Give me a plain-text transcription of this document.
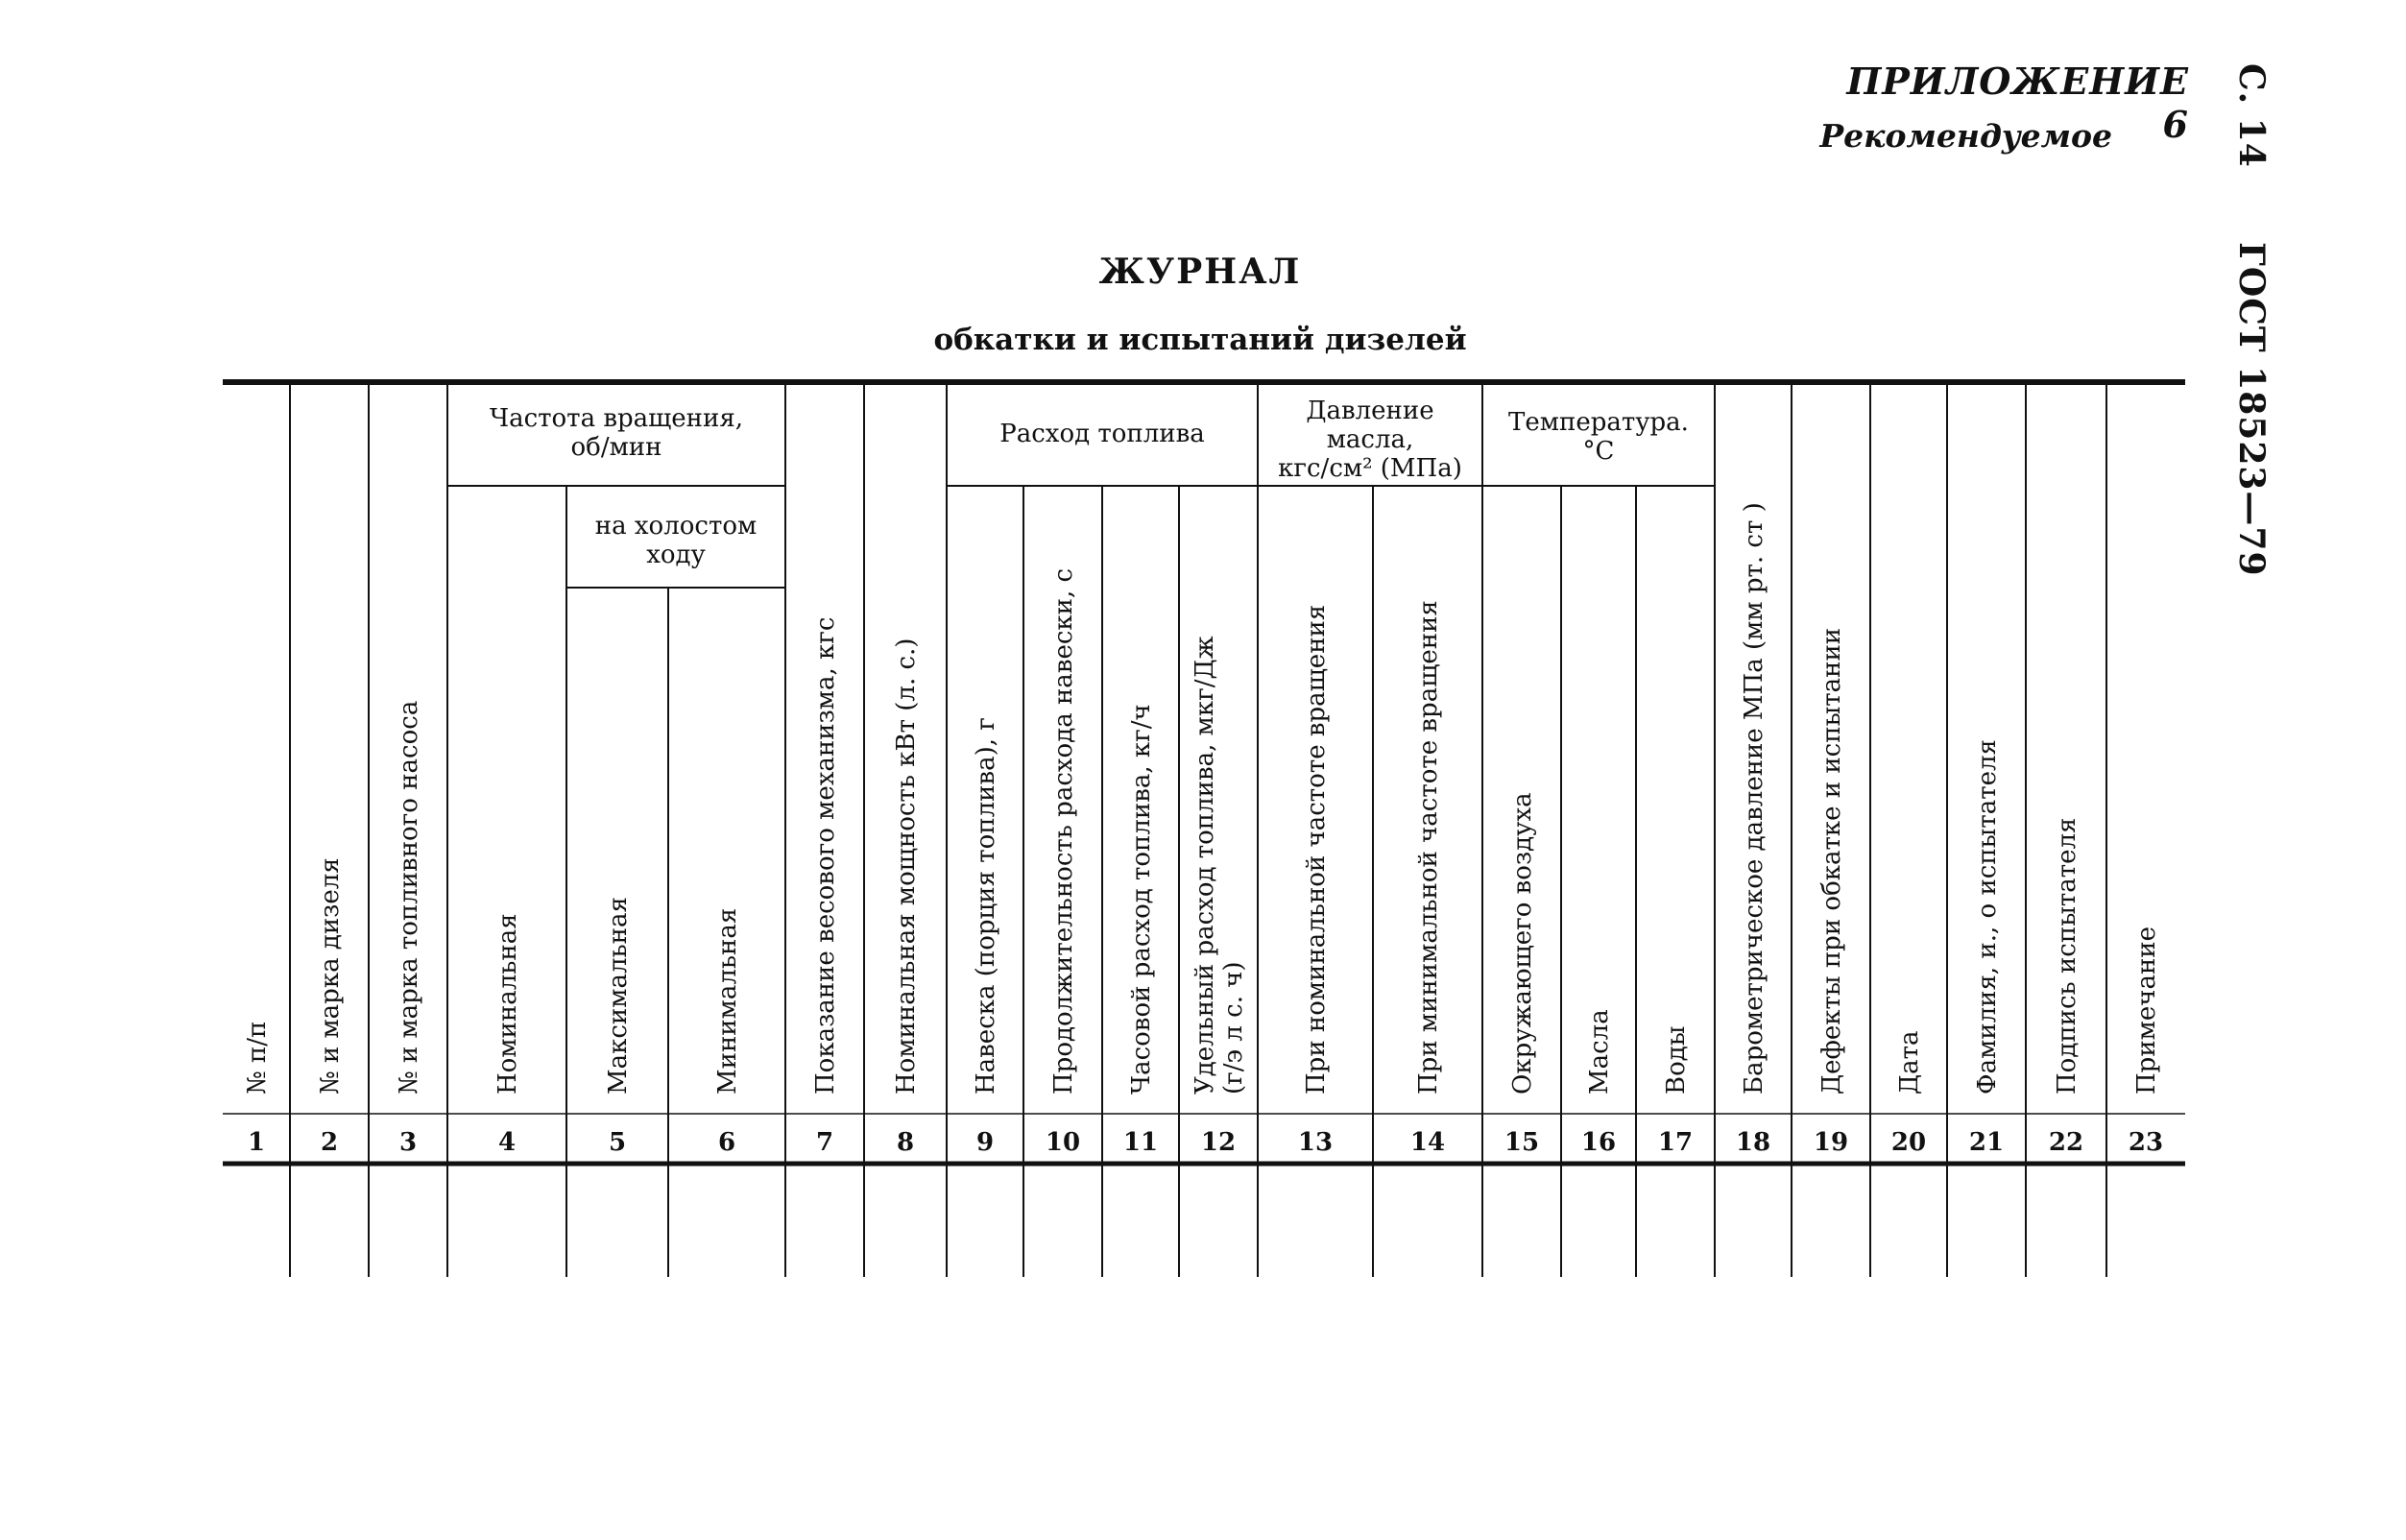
ПРИЛОЖЕНИЕ 6
Рекомендуемое	С. 14  ГОСТ 18523—79
ЖУРНАЛ
обкатки и испытаний дизелей
Частота вращения,
об/мин
на холостом
ходу
Расход топлива
Давление
масла,
кгс/см² (МПа)
Температура.
°С
№ п/п
1
№ и марка дизеля
2
№ и марка топливного насоса
3
Номинальная
4
Максимальная
5
Минимальная
6
Показание весового механизма, кгс
7
Номинальная мощность кВт (л. с.)
8
Навеска (порция топлива), г
9
Продолжительность расхода навески, с
10
Часовой расход топлива, кг/ч
11
Удельный расход топлива, мкг/Дж (г/э л с. ч)
12
При номинальной частоте вращения
13
При минимальной частоте вращения
14
Окружающего воздуха
15
Масла
16
Воды
17
Барометрическое давление МПа (мм рт. ст )
18
Дефекты при обкатке и испытании
19
Дата
20
Фамилия, и., о испытателя
21
Подпись испытателя
22
Примечание
23
